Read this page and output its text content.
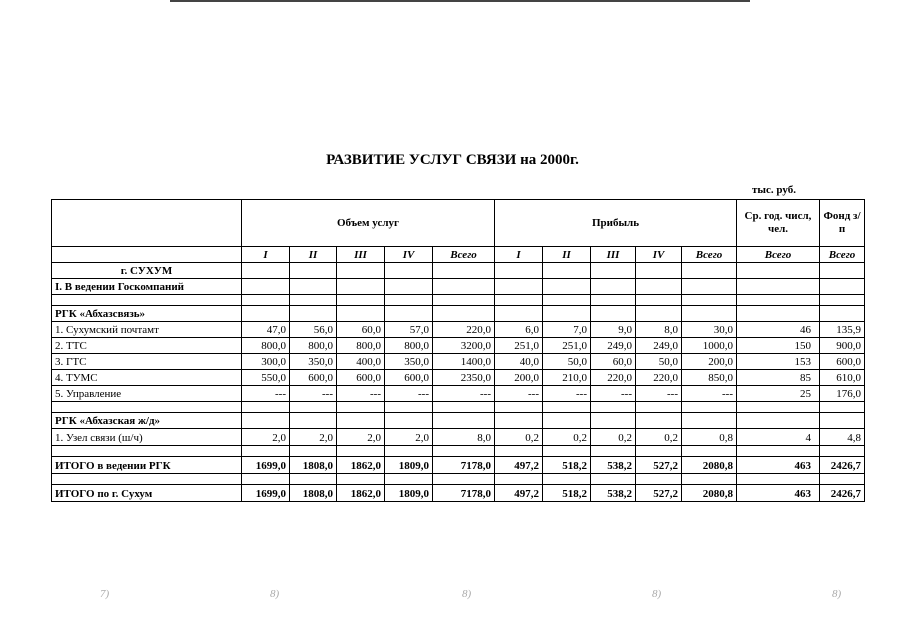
РАЗВИТИЕ УСЛУГ СВЯЗИ на 2000г.
тыс. руб.
	Объем услуг					Прибыль					Ср. год. числ, чел.	Фонд з/п
	I	II	III	IV	Всего	I	II	III	IV	Всего	Всего	Всего
г. СУХУМ												
I. В ведении Госкомпаний												

РГК «Абхазсвязь»												
1. Сухумский почтамт	47,0	56,0	60,0	57,0	220,0	6,0	7,0	9,0	8,0	30,0	46	135,9
2. ТТС	800,0	800,0	800,0	800,0	3200,0	251,0	251,0	249,0	249,0	1000,0	150	900,0
3. ГТС	300,0	350,0	400,0	350,0	1400,0	40,0	50,0	60,0	50,0	200,0	153	600,0
4. ТУМС	550,0	600,0	600,0	600,0	2350,0	200,0	210,0	220,0	220,0	850,0	85	610,0
5. Управление	---	---	---	---	---	---	---	---	---	---	25	176,0

РГК «Абхазская ж/д»												
1. Узел связи (ш/ч)	2,0	2,0	2,0	2,0	8,0	0,2	0,2	0,2	0,2	0,8	4	4,8

ИТОГО в ведении РГК	1699,0	1808,0	1862,0	1809,0	7178,0	497,2	518,2	538,2	527,2	2080,8	463	2426,7

ИТОГО по г. Сухум	1699,0	1808,0	1862,0	1809,0	7178,0	497,2	518,2	538,2	527,2	2080,8	463	2426,7
7)	8)	8)	8)	8)
